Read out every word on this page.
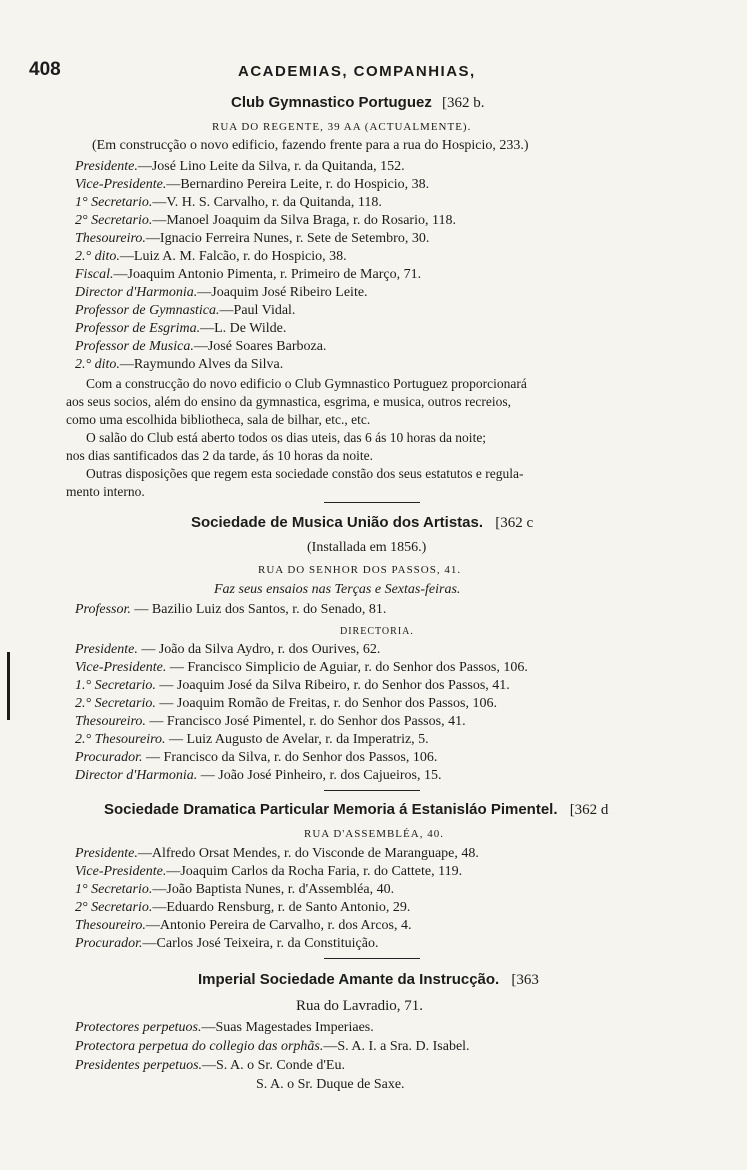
408	ACADEMIAS, COMPANHIAS,
Club Gymnastico Portuguez [362 b.
RUA DO REGENTE, 39 AA (ACTUALMENTE).
(Em construcção o novo edificio, fazendo frente para a rua do Hospicio, 233.)
Presidente.—José Lino Leite da Silva, r. da Quitanda, 152.
Vice-Presidente.—Bernardino Pereira Leite, r. do Hospicio, 38.
1° Secretario.—V. H. S. Carvalho, r. da Quitanda, 118.
2° Secretario.—Manoel Joaquim da Silva Braga, r. do Rosario, 118.
Thesoureiro.—Ignacio Ferreira Nunes, r. Sete de Setembro, 30.
2.° dito.—Luiz A. M. Falcão, r. do Hospicio, 38.
Fiscal.—Joaquim Antonio Pimenta, r. Primeiro de Março, 71.
Director d'Harmonia.—Joaquim José Ribeiro Leite.
Professor de Gymnastica.—Paul Vidal.
Professor de Esgrima.—L. De Wilde.
Professor de Musica.—José Soares Barboza.
2.° dito.—Raymundo Alves da Silva.
Com a construcção do novo edificio o Club Gymnastico Portuguez proporcionará
aos seus socios, além do ensino da gymnastica, esgrima, e musica, outros recreios,
como uma escolhida bibliotheca, sala de bilhar, etc., etc.
O salão do Club está aberto todos os dias uteis, das 6 ás 10 horas da noite;
nos dias santificados das 2 da tarde, ás 10 horas da noite.
Outras disposições que regem esta sociedade constão dos seus estatutos e regula-
mento interno.
Sociedade de Musica União dos Artistas. [362 c
(Installada em 1856.)
RUA DO SENHOR DOS PASSOS, 41.
Faz seus ensaios nas Terças e Sextas-feiras.
Professor. — Bazilio Luiz dos Santos, r. do Senado, 81.
DIRECTORIA.
Presidente. — João da Silva Aydro, r. dos Ourives, 62.
Vice-Presidente. — Francisco Simplicio de Aguiar, r. do Senhor dos Passos, 106.
1.° Secretario. — Joaquim José da Silva Ribeiro, r. do Senhor dos Passos, 41.
2.° Secretario. — Joaquim Romão de Freitas, r. do Senhor dos Passos, 106.
Thesoureiro. — Francisco José Pimentel, r. do Senhor dos Passos, 41.
2.° Thesoureiro. — Luiz Augusto de Avelar, r. da Imperatriz, 5.
Procurador. — Francisco da Silva, r. do Senhor dos Passos, 106.
Director d'Harmonia. — João José Pinheiro, r. dos Cajueiros, 15.
Sociedade Dramatica Particular Memoria á Estanisláo Pimentel. [362 d
RUA D'ASSEMBLÉA, 40.
Presidente.—Alfredo Orsat Mendes, r. do Visconde de Maranguape, 48.
Vice-Presidente.—Joaquim Carlos da Rocha Faria, r. do Cattete, 119.
1° Secretario.—João Baptista Nunes, r. d'Assembléa, 40.
2° Secretario.—Eduardo Rensburg, r. de Santo Antonio, 29.
Thesoureiro.—Antonio Pereira de Carvalho, r. dos Arcos, 4.
Procurador.—Carlos José Teixeira, r. da Constituição.
Imperial Sociedade Amante da Instrucção. [363
Rua do Lavradio, 71.
Protectores perpetuos.—Suas Magestades Imperiaes.
Protectora perpetua do collegio das orphãs.—S. A. I. a Sra. D. Isabel.
Presidentes perpetuos.—S. A. o Sr. Conde d'Eu.
S. A. o Sr. Duque de Saxe.
